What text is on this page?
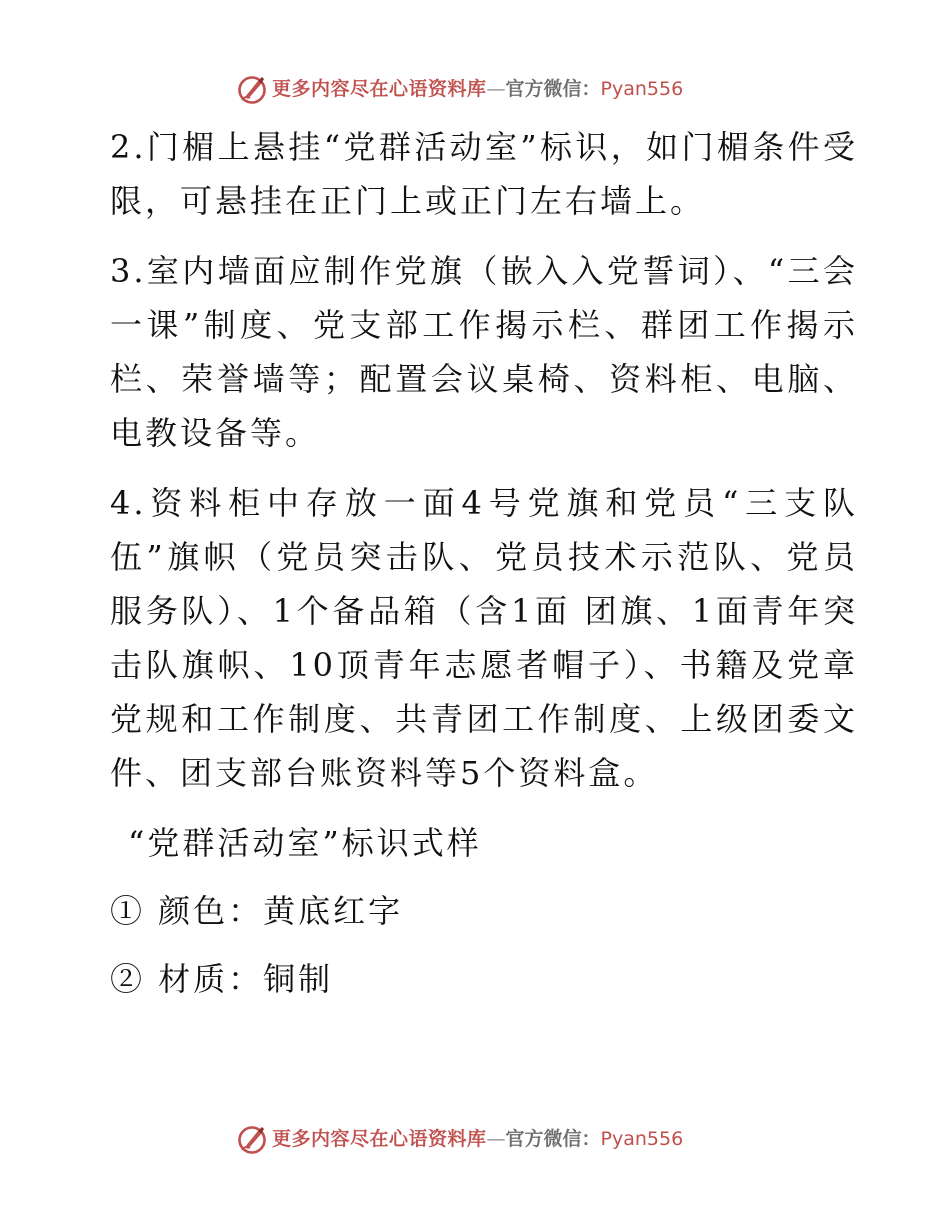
更多内容尽在心语资料库—官方微信：Pyan556

2.门楣上悬挂“党群活动室”标识，如门楣条件受限，可悬挂在正门上或正门左右墙上。

3.室内墙面应制作党旗（嵌入入党誓词）、“三会一课”制度、党支部工作揭示栏、群团工作揭示栏、荣誉墙等；配置会议桌椅、资料柜、电脑、电教设备等。

4.资料柜中存放一面4号党旗和党员“三支队伍”旗帜（党员突击队、党员技术示范队、党员服务队）、1个备品箱（含1面 团旗、1面青年突击队旗帜、10顶青年志愿者帽子）、书籍及党章党规和工作制度、共青团工作制度、上级团委文件、团支部台账资料等5个资料盒。

“党群活动室”标识式样

① 颜色：黄底红字

② 材质：铜制

更多内容尽在心语资料库—官方微信：Pyan556
